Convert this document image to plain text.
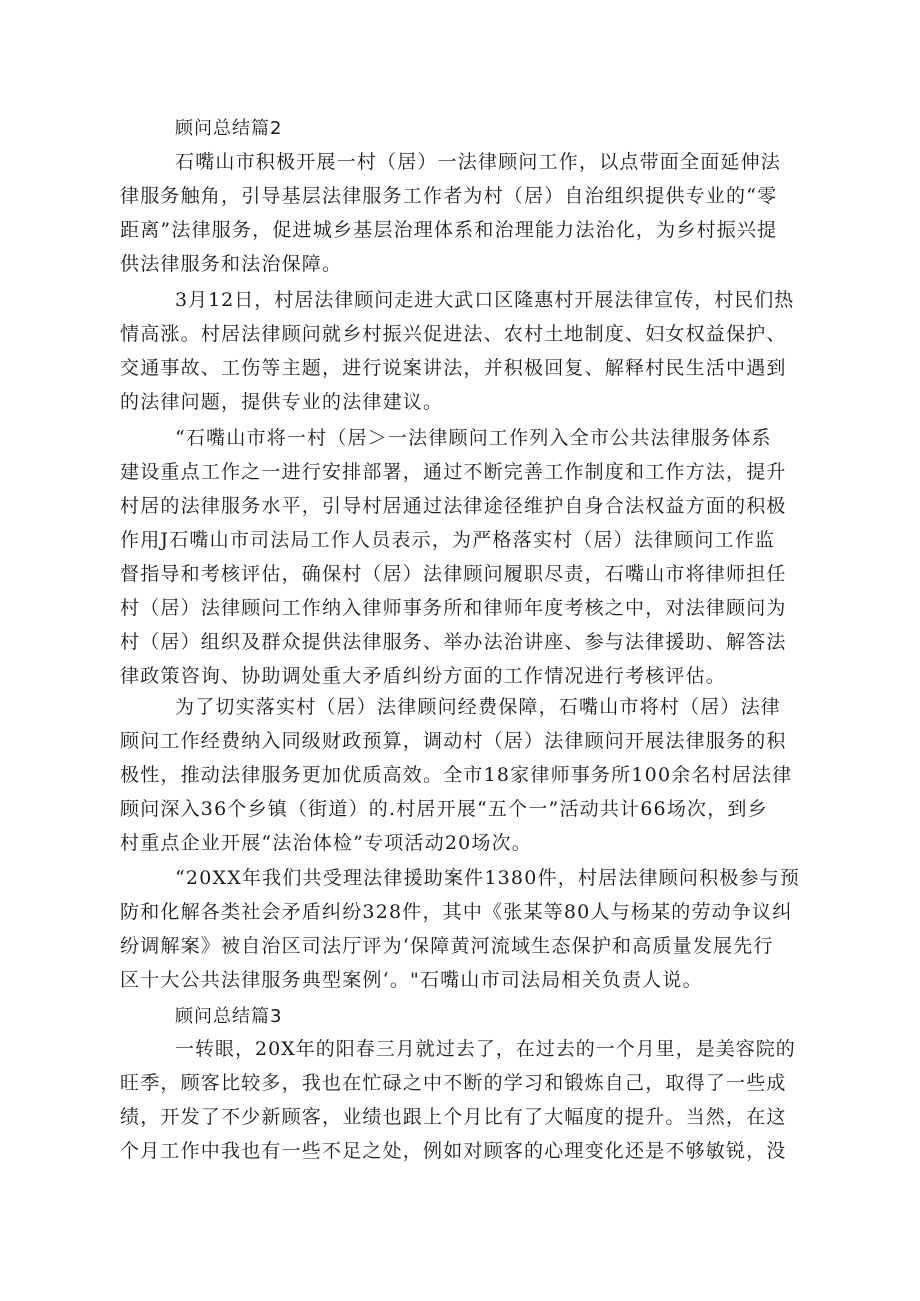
顾问总结篇2
石嘴山市积极开展一村（居）一法律顾问工作，以点带面全面延伸法
律服务触角，引导基层法律服务工作者为村（居）自治组织提供专业的“零
距离”法律服务，促进城乡基层治理体系和治理能力法治化，为乡村振兴提
供法律服务和法治保障。
3月12日，村居法律顾问走进大武口区隆惠村开展法律宣传，村民们热
情高涨。村居法律顾问就乡村振兴促进法、农村土地制度、妇女权益保护、
交通事故、工伤等主题，进行说案讲法，并积极回复、解释村民生活中遇到
的法律问题，提供专业的法律建议。
“石嘴山市将一村（居＞一法律顾问工作列入全市公共法律服务体系
建设重点工作之一进行安排部署，通过不断完善工作制度和工作方法，提升
村居的法律服务水平，引导村居通过法律途径维护自身合法权益方面的积极
作用J石嘴山市司法局工作人员表示，为严格落实村（居）法律顾问工作监
督指导和考核评估，确保村（居）法律顾问履职尽责，石嘴山市将律师担任
村（居）法律顾问工作纳入律师事务所和律师年度考核之中，对法律顾问为
村（居）组织及群众提供法律服务、举办法治讲座、参与法律援助、解答法
律政策咨询、协助调处重大矛盾纠纷方面的工作情况进行考核评估。
为了切实落实村（居）法律顾问经费保障，石嘴山市将村（居）法律
顾问工作经费纳入同级财政预算，调动村（居）法律顾问开展法律服务的积
极性，推动法律服务更加优质高效。全市18家律师事务所100余名村居法律
顾问深入36个乡镇（街道）的.村居开展“五个一”活动共计66场次，到乡
村重点企业开展“法治体检”专项活动20场次。
“20XX年我们共受理法律援助案件1380件，村居法律顾问积极参与预
防和化解各类社会矛盾纠纷328件，其中《张某等80人与杨某的劳动争议纠
纷调解案》被自治区司法厅评为‘保障黄河流域生态保护和高质量发展先行
区十大公共法律服务典型案例‘。"石嘴山市司法局相关负责人说。
顾问总结篇3
一转眼，20X年的阳春三月就过去了，在过去的一个月里，是美容院的
旺季，顾客比较多，我也在忙碌之中不断的学习和锻炼自己，取得了一些成
绩，开发了不少新顾客，业绩也跟上个月比有了大幅度的提升。当然，在这
个月工作中我也有一些不足之处，例如对顾客的心理变化还是不够敏锐，没
